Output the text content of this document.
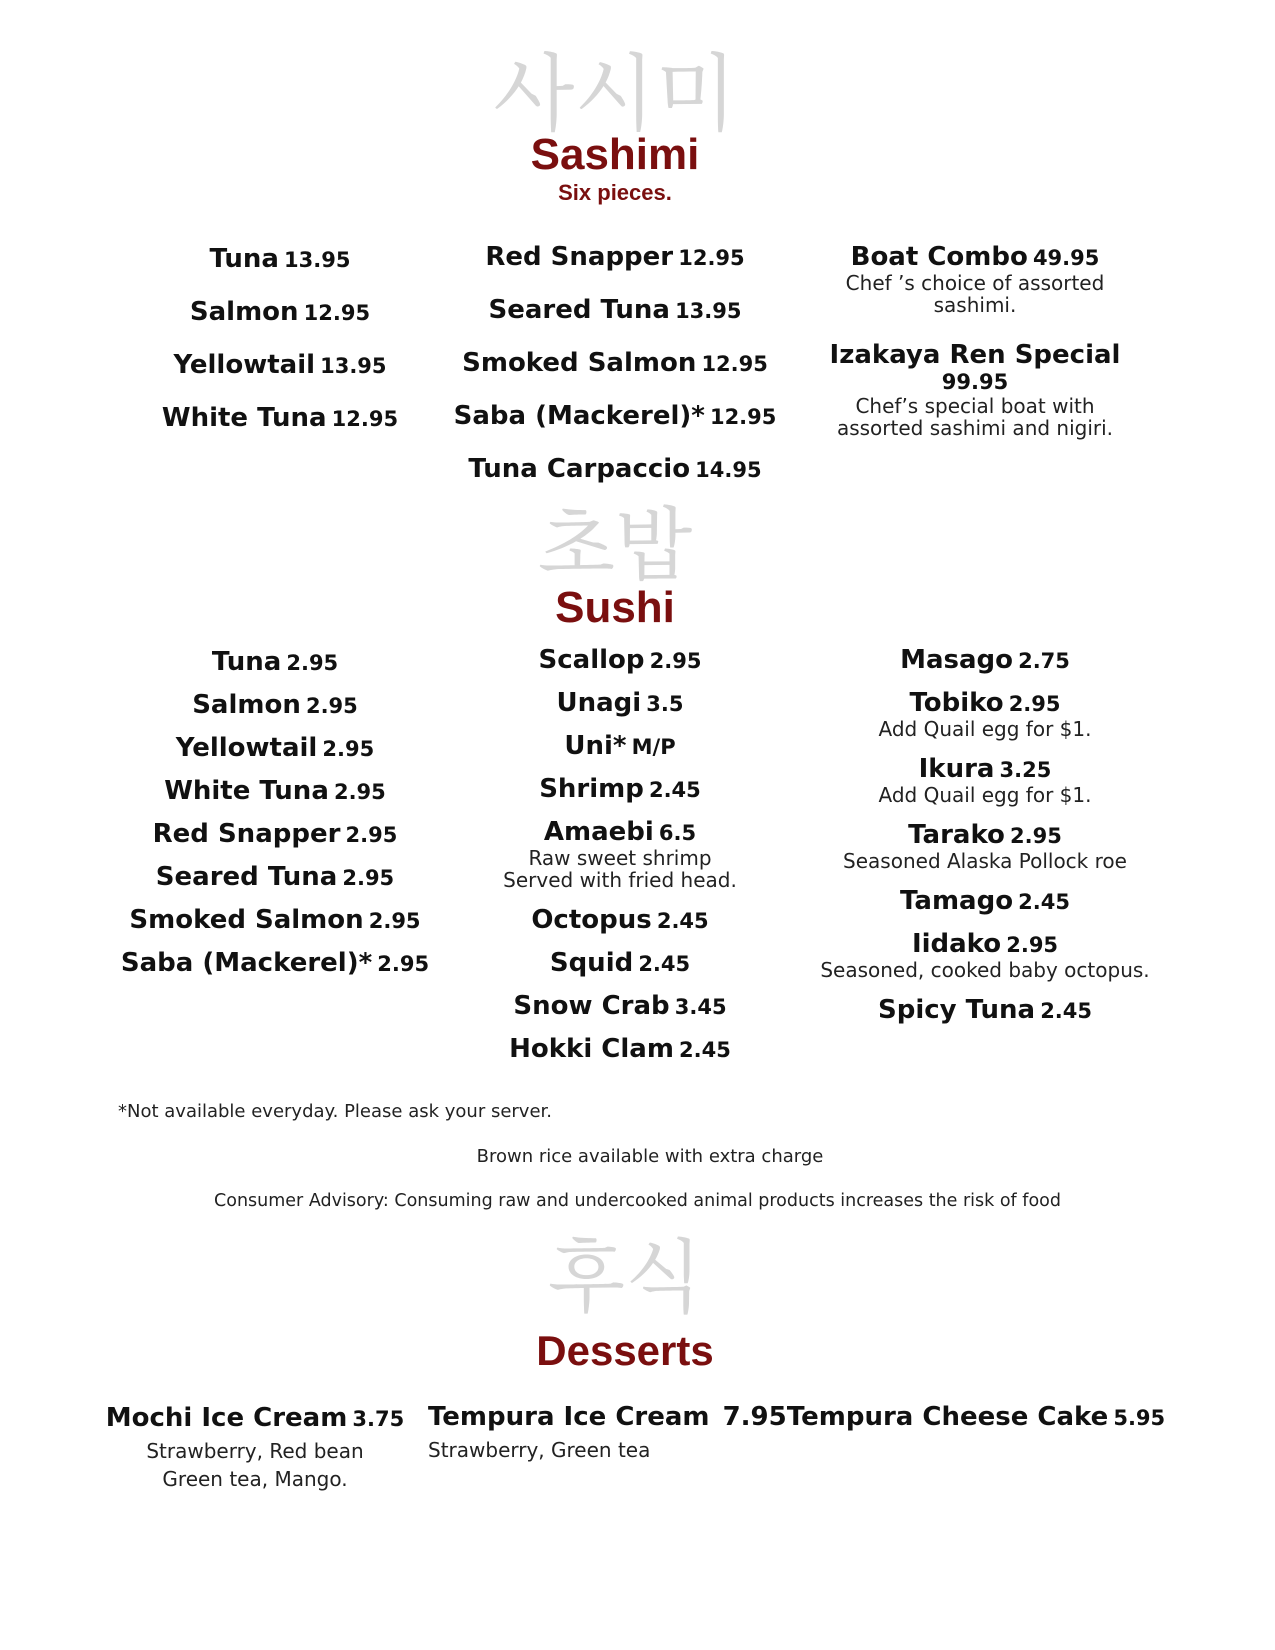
사시미
Sashimi
Six pieces.
Tuna 13.95
Salmon 12.95
Yellowtail 13.95
White Tuna 12.95
Red Snapper 12.95
Seared Tuna 13.95
Smoked Salmon 12.95
Saba (Mackerel)* 12.95
Tuna Carpaccio 14.95
Boat Combo 49.95
Chef ’s choice of assorted sashimi.
Izakaya Ren Special
99.95
Chef’s special boat with assorted sashimi and nigiri.
초밥
Sushi
Tuna 2.95
Salmon 2.95
Yellowtail 2.95
White Tuna 2.95
Red Snapper 2.95
Seared Tuna 2.95
Smoked Salmon 2.95
Saba (Mackerel)* 2.95
Scallop 2.95
Unagi 3.5
Uni* M/P
Shrimp 2.45
Amaebi 6.5
Raw sweet shrimp
Served with fried head.
Octopus 2.45
Squid 2.45
Snow Crab 3.45
Hokki Clam 2.45
Masago 2.75
Tobiko 2.95
Add Quail egg for $1.
Ikura 3.25
Add Quail egg for $1.
Tarako 2.95
Seasoned Alaska Pollock roe
Tamago 2.45
Iidako 2.95
Seasoned, cooked baby octopus.
Spicy Tuna 2.45
*Not available everyday. Please ask your server.
Brown rice available with extra charge
Consumer Advisory: Consuming raw and undercooked animal products increases the risk of food
후식
Desserts
Mochi Ice Cream 3.75
Strawberry, Red bean
Green tea, Mango.
Tempura Ice Cream 7.95
Strawberry, Green tea
Tempura Cheese Cake 5.95
